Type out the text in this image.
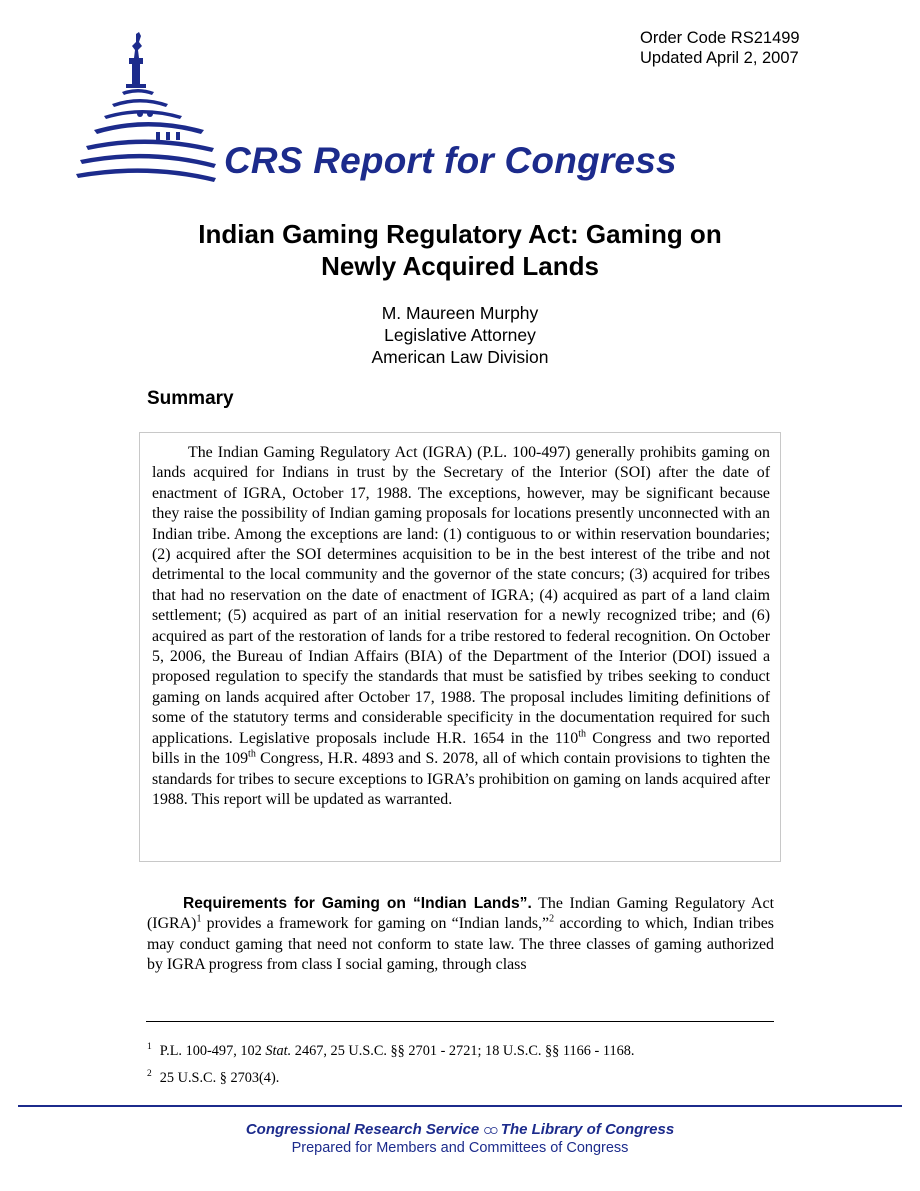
Order Code RS21499
Updated April 2, 2007
CRS Report for Congress
Indian Gaming Regulatory Act: Gaming on
Newly Acquired Lands
M. Maureen Murphy
Legislative Attorney
American Law Division
Summary

The Indian Gaming Regulatory Act (IGRA) (P.L. 100-497) generally prohibits gaming on lands acquired for Indians in trust by the Secretary of the Interior (SOI) after the date of enactment of IGRA, October 17, 1988. The exceptions, however, may be significant because they raise the possibility of Indian gaming proposals for locations presently unconnected with an Indian tribe. Among the exceptions are land: (1) contiguous to or within reservation boundaries; (2) acquired after the SOI determines acquisition to be in the best interest of the tribe and not detrimental to the local community and the governor of the state concurs; (3) acquired for tribes that had no reservation on the date of enactment of IGRA; (4) acquired as part of a land claim settlement; (5) acquired as part of an initial reservation for a newly recognized tribe; and (6) acquired as part of the restoration of lands for a tribe restored to federal recognition. On October 5, 2006, the Bureau of Indian Affairs (BIA) of the Department of the Interior (DOI) issued a proposed regulation to specify the standards that must be satisfied by tribes seeking to conduct gaming on lands acquired after October 17, 1988. The proposal includes limiting definitions of some of the statutory terms and considerable specificity in the documentation required for such applications. Legislative proposals include H.R. 1654 in the 110th Congress and two reported bills in the 109th Congress, H.R. 4893 and S. 2078, all of which contain provisions to tighten the standards for tribes to secure exceptions to IGRA’s prohibition on gaming on lands acquired after 1988. This report will be updated as warranted.

Requirements for Gaming on “Indian Lands”. The Indian Gaming Regulatory Act (IGRA)$^1$ provides a framework for gaming on “Indian lands,”$^2$ according to which, Indian tribes may conduct gaming that need not conform to state law. The three classes of gaming authorized by IGRA progress from class I social gaming, through class

$^1$ P.L. 100-497, 102 Stat. 2467, 25 U.S.C. §§ 2701 - 2721; 18 U.S.C. §§ 1166 - 1168.
$^2$ 25 U.S.C. § 2703(4).
Congressional Research Service ထ The Library of Congress
Prepared for Members and Committees of Congress
